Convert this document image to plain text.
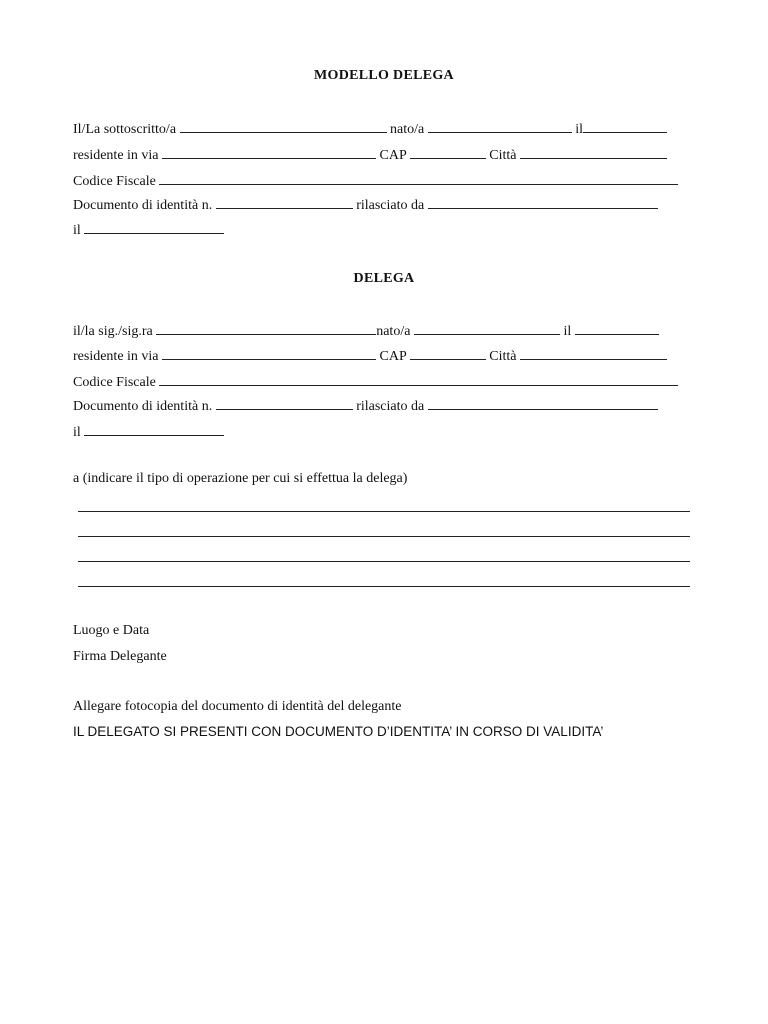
MODELLO DELEGA
Il/La sottoscritto/a	nato/a	il
residente in via	CAP	Città
Codice Fiscale
Documento di identità n.	rilasciato da
il
DELEGA
il/la sig./sig.ra	nato/a	il
residente in via	CAP	Città
Codice Fiscale
Documento di identità n.	rilasciato da
il
a (indicare il tipo di operazione per cui si effettua la delega)
Luogo e Data
Firma Delegante
Allegare fotocopia del documento di identità del delegante
IL DELEGATO SI PRESENTI CON DOCUMENTO D’IDENTITA’ IN CORSO DI VALIDITA’
